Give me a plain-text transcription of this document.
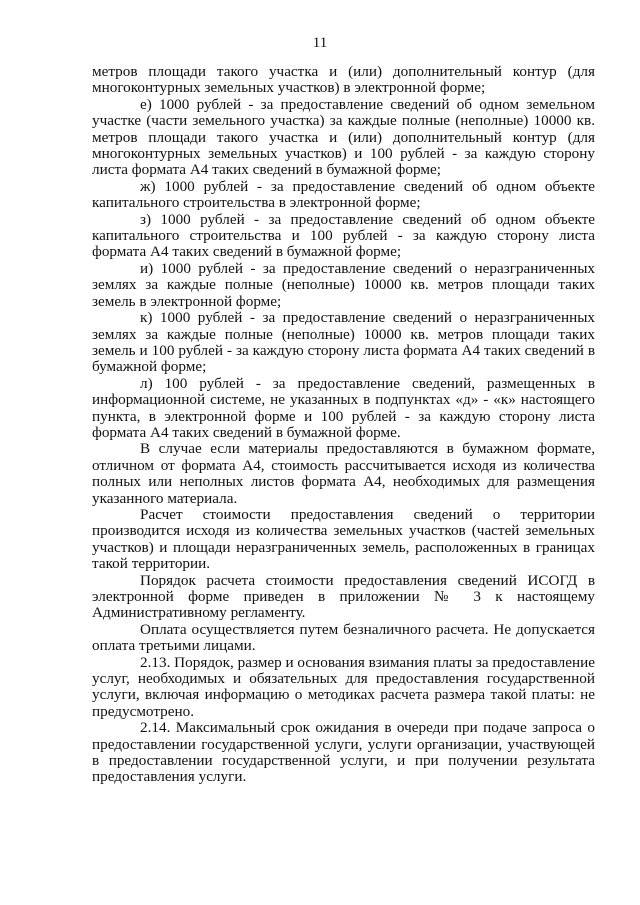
11

метров площади такого участка и (или) дополнительный контур (для многоконтурных земельных участков) в электронной форме;

е) 1000 рублей - за предоставление сведений об одном земельном участке (части земельного участка) за каждые полные (неполные) 10000 кв. метров площади такого участка и (или) дополнительный контур (для многоконтурных земельных участков) и 100 рублей - за каждую сторону листа формата А4 таких сведений в бумажной форме;

ж) 1000 рублей - за предоставление сведений об одном объекте капитального строительства в электронной форме;

з) 1000 рублей - за предоставление сведений об одном объекте капитального строительства и 100 рублей - за каждую сторону листа формата А4 таких сведений в бумажной форме;

и) 1000 рублей - за предоставление сведений о неразграниченных землях за каждые полные (неполные) 10000 кв. метров площади таких земель в электронной форме;

к) 1000 рублей - за предоставление сведений о неразграниченных землях за каждые полные (неполные) 10000 кв. метров площади таких земель и 100 рублей - за каждую сторону листа формата А4 таких сведений в бумажной форме;

л) 100 рублей - за предоставление сведений, размещенных в информационной системе, не указанных в подпунктах «д» - «к» настоящего пункта, в электронной форме и 100 рублей - за каждую сторону листа формата А4 таких сведений в бумажной форме.

В случае если материалы предоставляются в бумажном формате, отличном от формата А4, стоимость рассчитывается исходя из количества полных или неполных листов формата А4, необходимых для размещения указанного материала.

Расчет стоимости предоставления сведений о территории производится исходя из количества земельных участков (частей земельных участков) и площади неразграниченных земель, расположенных в границах такой территории.

Порядок расчета стоимости предоставления сведений ИСОГД в электронной форме приведен в приложении № 3 к настоящему Административному регламенту.

Оплата осуществляется путем безналичного расчета. Не допускается оплата третьими лицами.

2.13. Порядок, размер и основания взимания платы за предоставление услуг, необходимых и обязательных для предоставления государственной услуги, включая информацию о методиках расчета размера такой платы: не предусмотрено.

2.14. Максимальный срок ожидания в очереди при подаче запроса о предоставлении государственной услуги, услуги организации, участвующей в предоставлении государственной услуги, и при получении результата предоставления услуги.
